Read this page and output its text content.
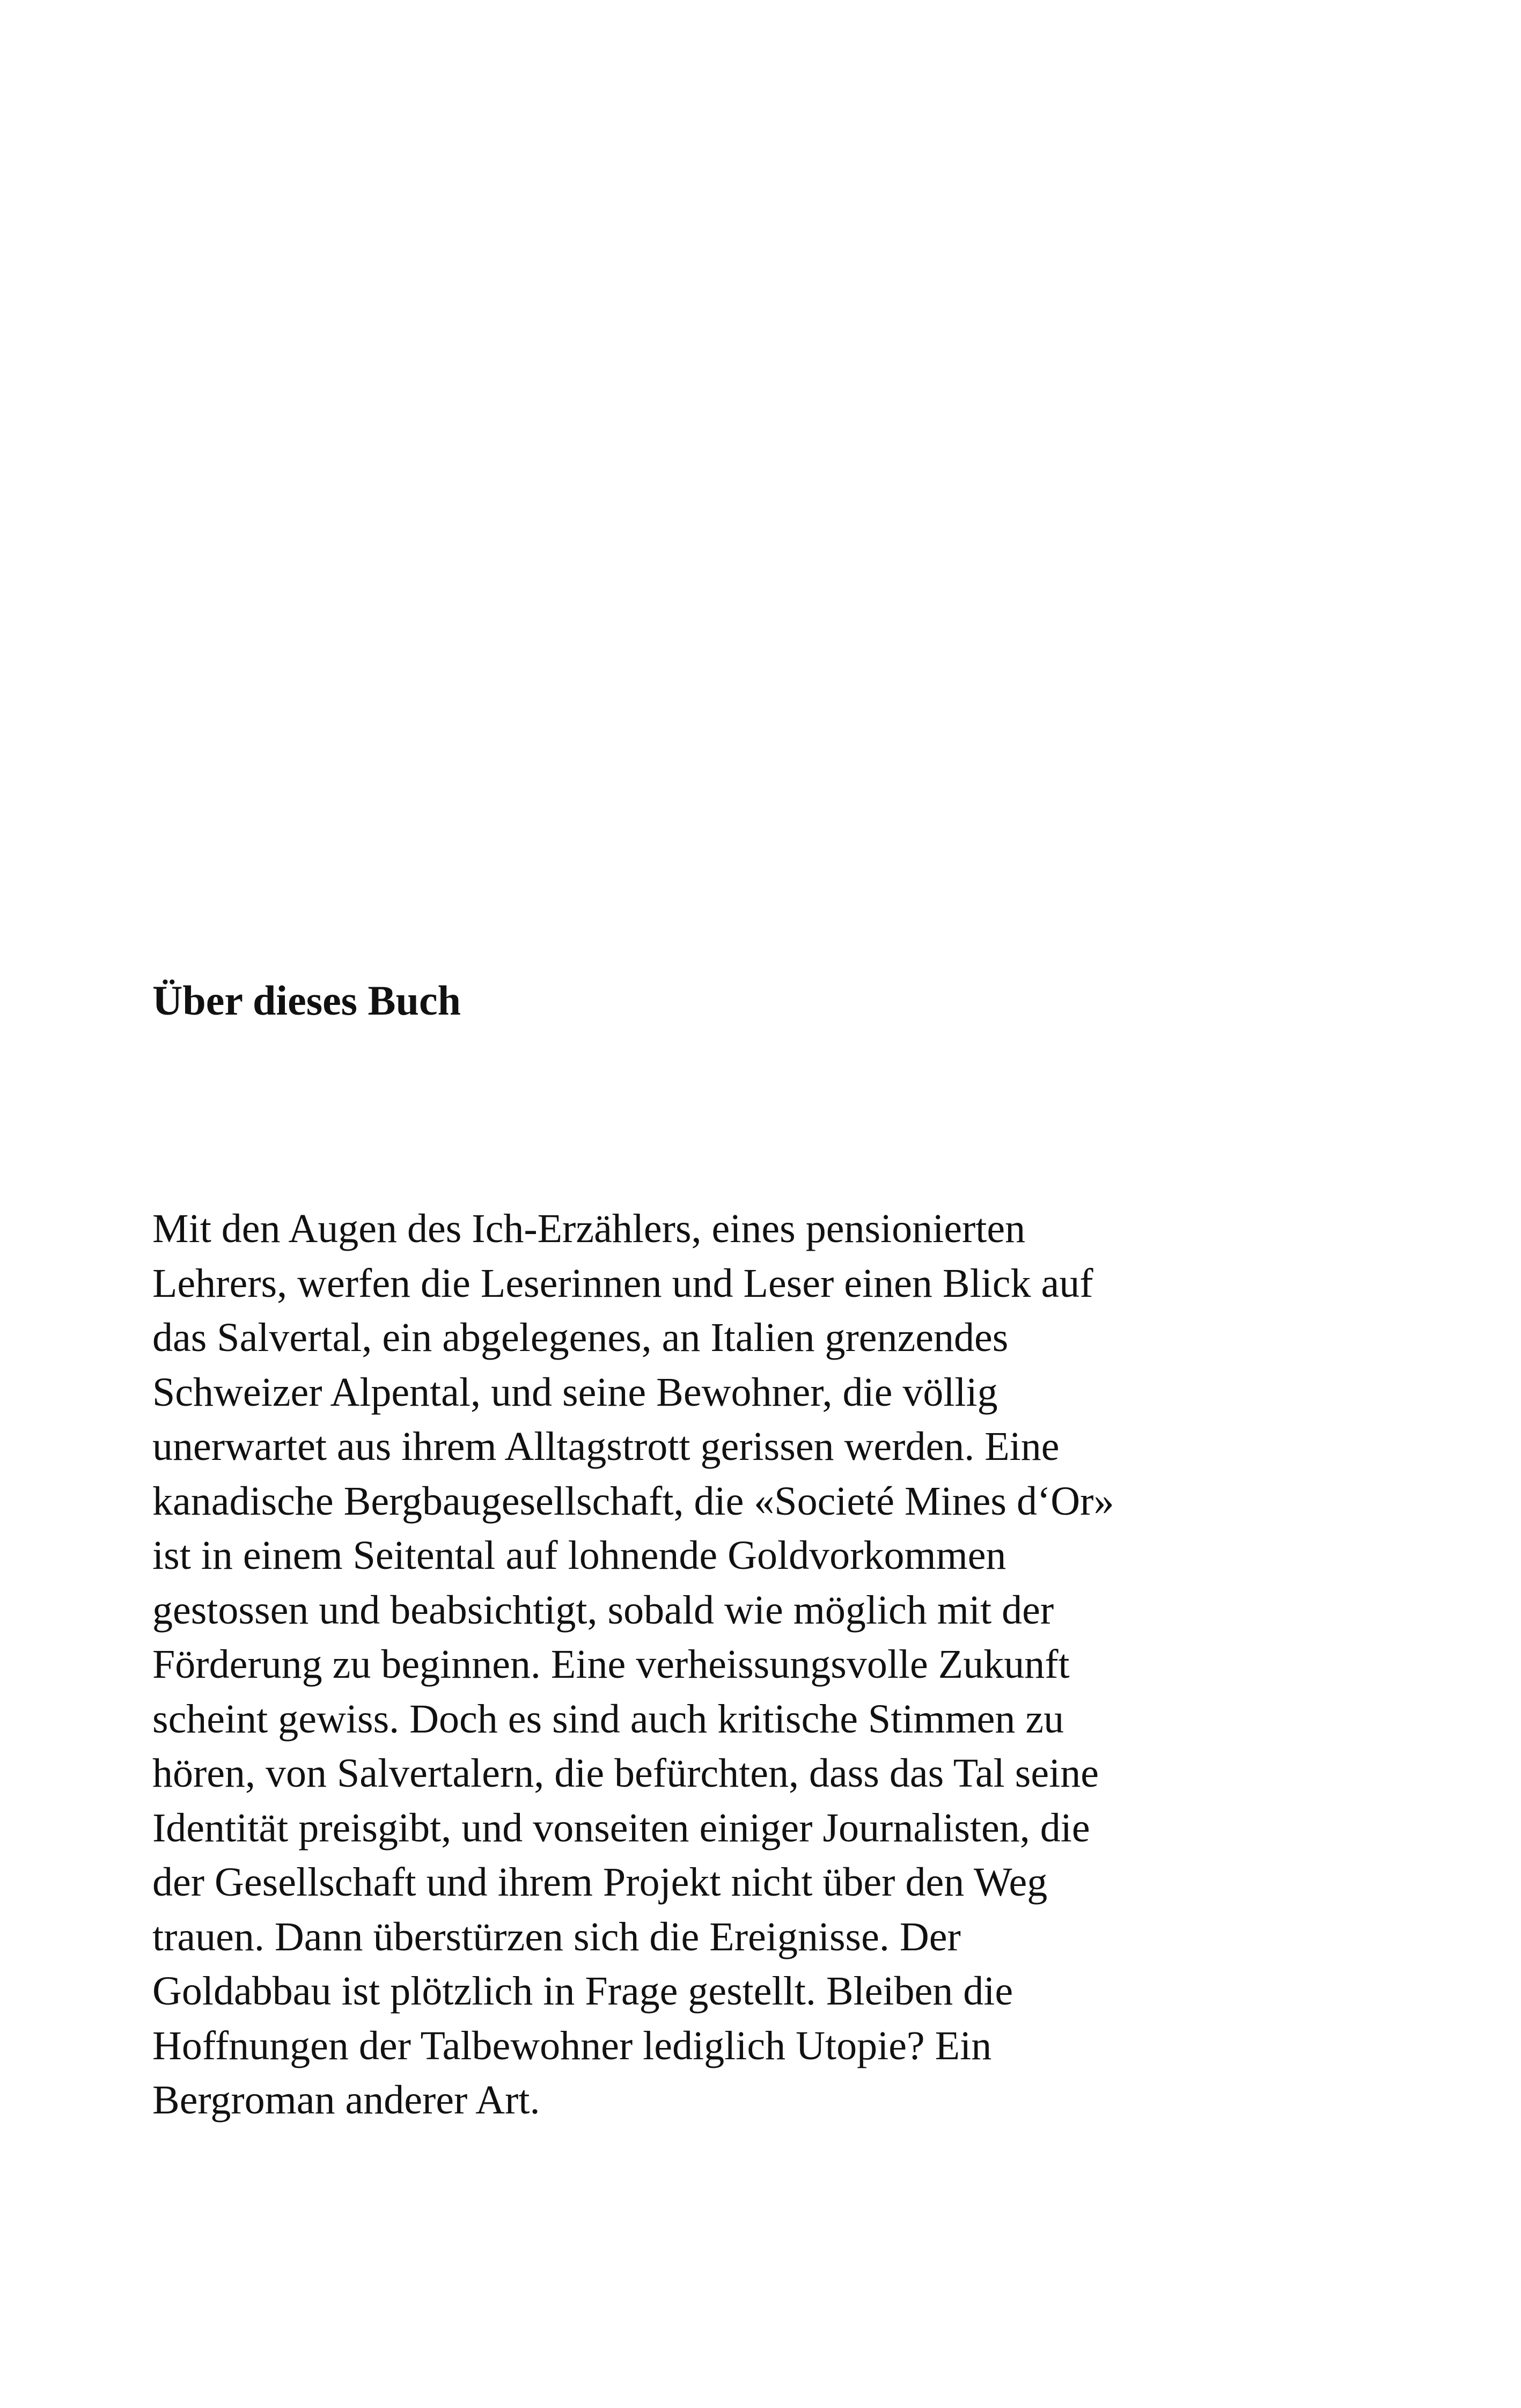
Über dieses Buch
Mit den Augen des Ich-Erzählers, eines pensionierten
Lehrers, werfen die Leserinnen und Leser einen Blick auf
das Salvertal, ein abgelegenes, an Italien grenzendes
Schweizer Alpental, und seine Bewohner, die völlig
unerwartet aus ihrem Alltagstrott gerissen werden. Eine
kanadische Bergbaugesellschaft, die «Societé Mines d‘Or»
ist in einem Seitental auf lohnende Goldvorkommen
gestossen und beabsichtigt, sobald wie möglich mit der
Förderung zu beginnen. Eine verheissungsvolle Zukunft
scheint gewiss. Doch es sind auch kritische Stimmen zu
hören, von Salvertalern, die befürchten, dass das Tal seine
Identität preisgibt, und vonseiten einiger Journalisten, die
der Gesellschaft und ihrem Projekt nicht über den Weg
trauen. Dann überstürzen sich die Ereignisse. Der
Goldabbau ist plötzlich in Frage gestellt. Bleiben die
Hoffnungen der Talbewohner lediglich Utopie? Ein
Bergroman anderer Art.
